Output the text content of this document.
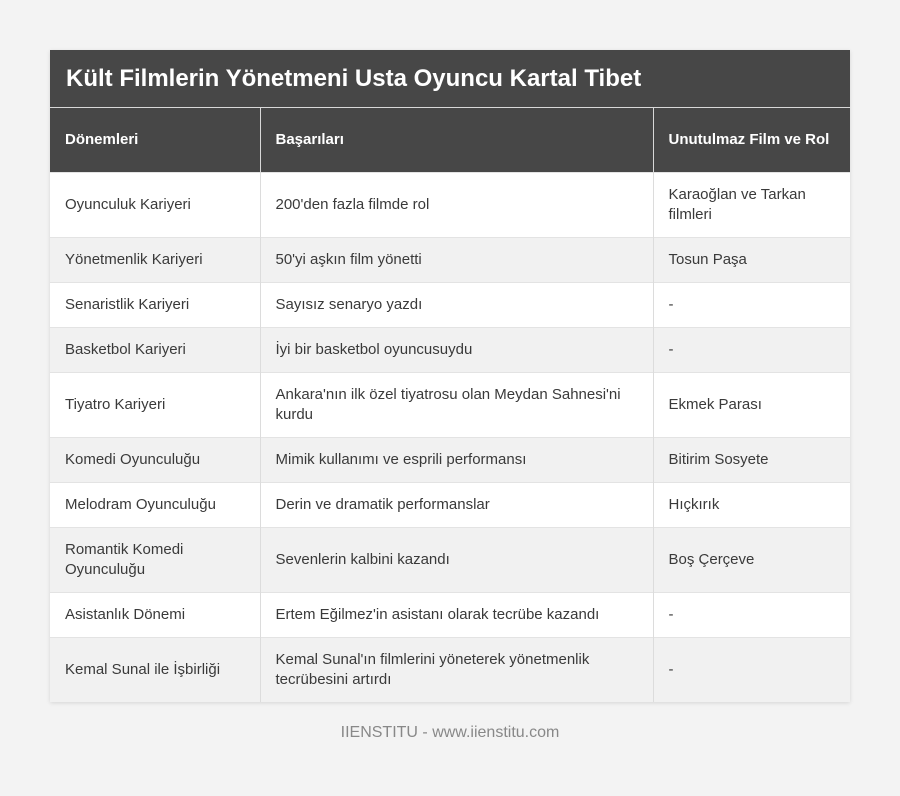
Kült Filmlerin Yönetmeni Usta Oyuncu Kartal Tibet
Dönemleri	Başarıları	Unutulmaz Film ve Rol
Oyunculuk Kariyeri	200'den fazla filmde rol	Karaoğlan ve Tarkan filmleri
Yönetmenlik Kariyeri	50'yi aşkın film yönetti	Tosun Paşa
Senaristlik Kariyeri	Sayısız senaryo yazdı	-
Basketbol Kariyeri	İyi bir basketbol oyuncusuydu	-
Tiyatro Kariyeri	Ankara'nın ilk özel tiyatrosu olan Meydan Sahnesi'ni kurdu	Ekmek Parası
Komedi Oyunculuğu	Mimik kullanımı ve esprili performansı	Bitirim Sosyete
Melodram Oyunculuğu	Derin ve dramatik performanslar	Hıçkırık
Romantik Komedi Oyunculuğu	Sevenlerin kalbini kazandı	Boş Çerçeve
Asistanlık Dönemi	Ertem Eğilmez'in asistanı olarak tecrübe kazandı	-
Kemal Sunal ile İşbirliği	Kemal Sunal'ın filmlerini yöneterek yönetmenlik tecrübesini artırdı	-
IIENSTITU - www.iienstitu.com
